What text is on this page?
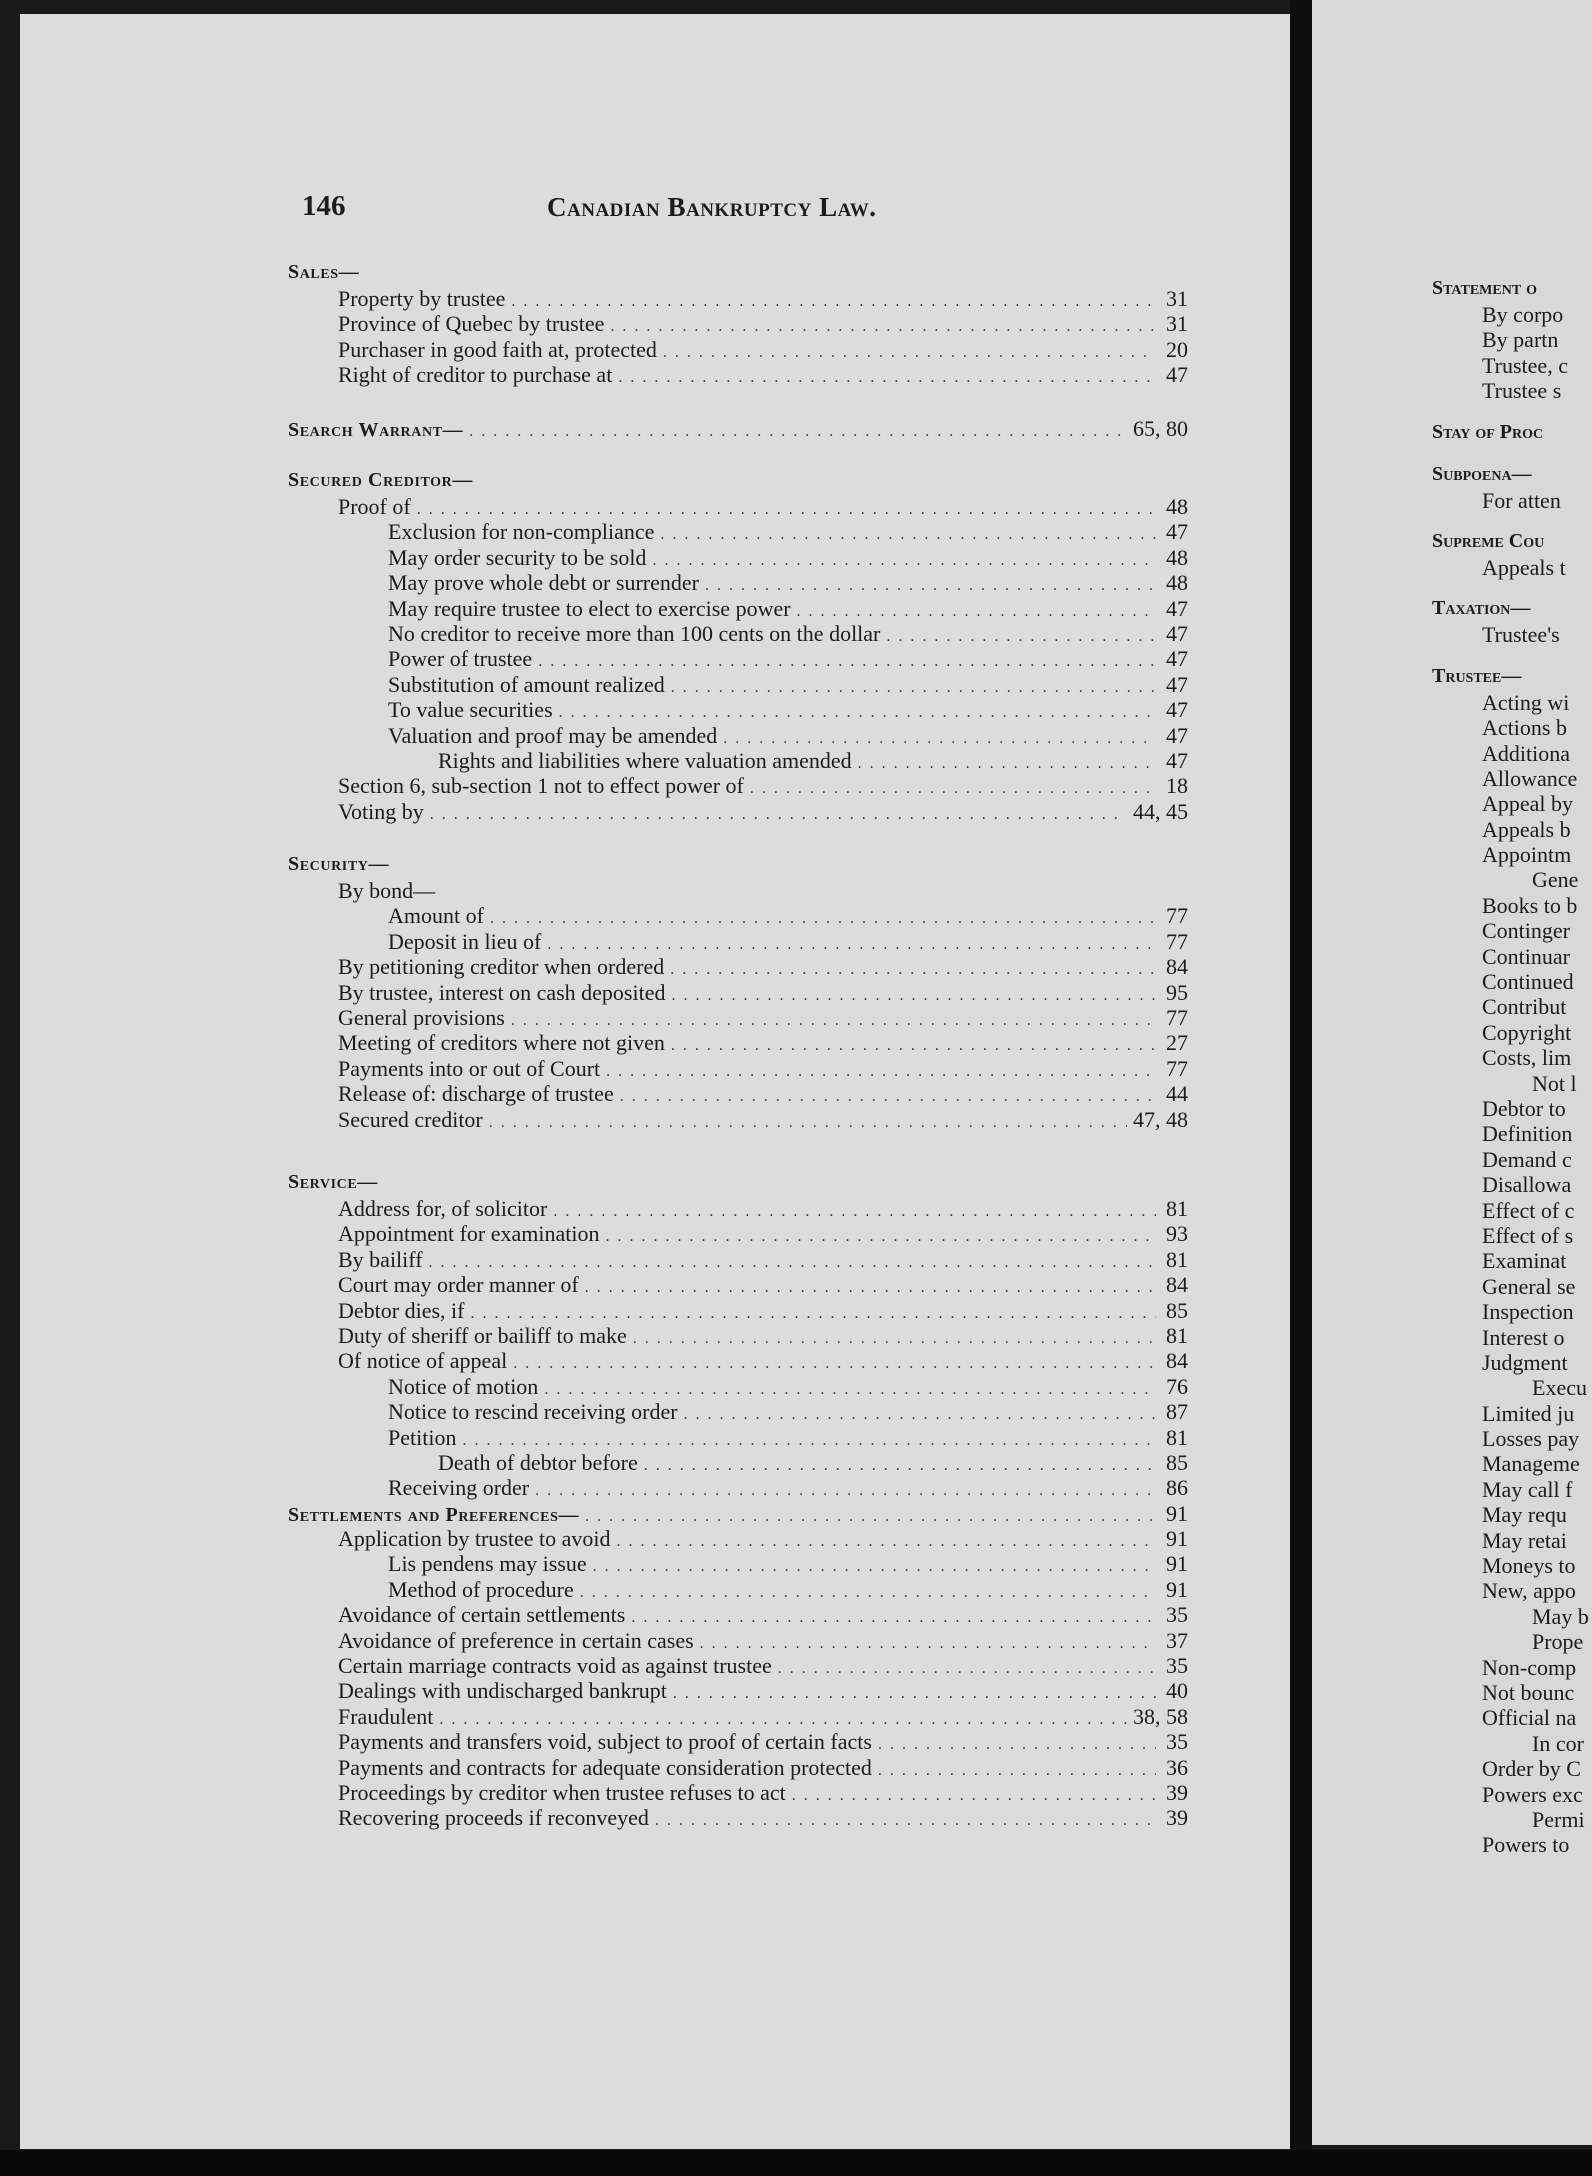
146	Canadian Bankruptcy Law.
Sales—
Property by trustee . . .	31
Province of Quebec by trustee . . .	31
Purchaser in good faith at, protected . . .	20
Right of creditor to purchase at . . .	47
Search Warrant— . . .	65, 80
Secured Creditor—
Proof of . . .	48
Exclusion for non-compliance . . .	47
May order security to be sold . . .	48
May prove whole debt or surrender . . .	48
May require trustee to elect to exercise power . . .	47
No creditor to receive more than 100 cents on the dollar . . .	47
Power of trustee . . .	47
Substitution of amount realized . . .	47
To value securities . . .	47
Valuation and proof may be amended . . .	47
Rights and liabilities where valuation amended . . .	47
Section 6, sub-section 1 not to effect power of . . .	18
Voting by . . .	44, 45
Security—
By bond—
Amount of . . .	77
Deposit in lieu of . . .	77
By petitioning creditor when ordered . . .	84
By trustee, interest on cash deposited . . .	95
General provisions . . .	77
Meeting of creditors where not given . . .	27
Payments into or out of Court . . .	77
Release of: discharge of trustee . . .	44
Secured creditor . . .	47, 48
Service—
Address for, of solicitor . . .	81
Appointment for examination . . .	93
By bailiff . . .	81
Court may order manner of . . .	84
Debtor dies, if . . .	85
Duty of sheriff or bailiff to make . . .	81
Of notice of appeal . . .	84
Notice of motion . . .	76
Notice to rescind receiving order . . .	87
Petition . . .	81
Death of debtor before . . .	85
Receiving order . . .	86
Settlements and Preferences— . . .	91
Application by trustee to avoid . . .	91
Lis pendens may issue . . .	91
Method of procedure . . .	91
Avoidance of certain settlements . . .	35
Avoidance of preference in certain cases . . .	37
Certain marriage contracts void as against trustee . . .	35
Dealings with undischarged bankrupt . . .	40
Fraudulent . . .	38, 58
Payments and transfers void, subject to proof of certain facts . . .	35
Payments and contracts for adequate consideration protected . . .	36
Proceedings by creditor when trustee refuses to act . . .	39
Recovering proceeds if reconveyed . . .	39
Statement o
By corpo
By partn
Trustee, c
Trustee s
Stay of Proc
Subpoena—
For atten
Supreme Cou
Appeals t
Taxation—
Trustee's
Trustee—
Acting wi
Actions b
Additiona
Allowance
Appeal by
Appeals b
Appointm
Gene
Books to b
Continger
Continuar
Continued
Contribut
Copyright
Costs, lim
Not l
Debtor to
Definition
Demand c
Disallowa
Effect of c
Effect of s
Examinat
General se
Inspection
Interest o
Judgment
Execu
Limited ju
Losses pay
Manageme
May call f
May requ
May retai
Moneys to
New, appo
May b
Prope
Non-comp
Not bounc
Official na
In cor
Order by C
Powers exc
Permi
Powers to
